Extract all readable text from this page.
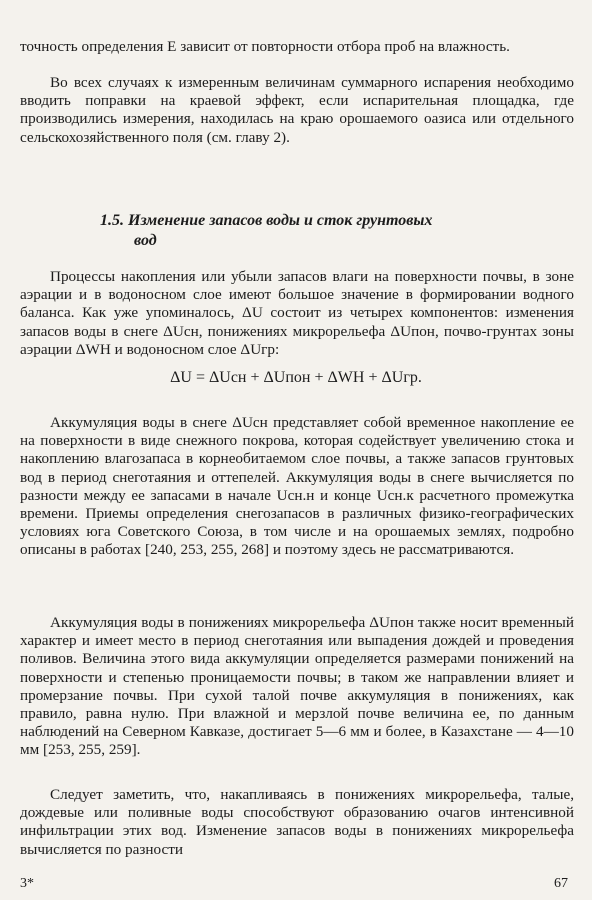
точность определения E зависит от повторности отбора проб на влажность.

Во всех случаях к измеренным величинам суммарного испарения необходимо вводить поправки на краевой эффект, если испарительная площадка, где производились измерения, находилась на краю орошаемого оазиса или отдельного сельскохозяйственного поля (см. главу 2).

1.5. Изменение запасов воды и сток грунтовых
вод

Процессы накопления или убыли запасов влаги на поверхности почвы, в зоне аэрации и в водоносном слое имеют большое значение в формировании водного баланса. Как уже упоминалось, ΔU состоит из четырех компонентов: изменения запасов воды в снеге ΔUсн, понижениях микрорельефа ΔUпон, почво-грунтах зоны аэрации ΔWH и водоносном слое ΔUгр:

ΔU = ΔUсн + ΔUпон + ΔWH + ΔUгр.

Аккумуляция воды в снеге ΔUсн представляет собой временное накопление ее на поверхности в виде снежного покрова, которая содействует увеличению стока и накоплению влагозапаса в корнеобитаемом слое почвы, а также запасов грунтовых вод в период снеготаяния и оттепелей. Аккумуляция воды в снеге вычисляется по разности между ее запасами в начале Uсн.н и конце Uсн.к расчетного промежутка времени. Приемы определения снегозапасов в различных физико-географических условиях юга Советского Союза, в том числе и на орошаемых землях, подробно описаны в работах [240, 253, 255, 268] и поэтому здесь не рассматриваются.

Аккумуляция воды в понижениях микрорельефа ΔUпон также носит временный характер и имеет место в период снеготаяния или выпадения дождей и проведения поливов. Величина этого вида аккумуляции определяется размерами понижений на поверхности и степенью проницаемости почвы; в таком же направлении влияет и промерзание почвы. При сухой талой почве аккумуляция в понижениях, как правило, равна нулю. При влажной и мерзлой почве величина ее, по данным наблюдений на Северном Кавказе, достигает 5—6 мм и более, в Казахстане — 4—10 мм [253, 255, 259].

Следует заметить, что, накапливаясь в понижениях микрорельефа, талые, дождевые или поливные воды способствуют образованию очагов интенсивной инфильтрации этих вод. Изменение запасов воды в понижениях микрорельефа вычисляется по разности

3*	67
